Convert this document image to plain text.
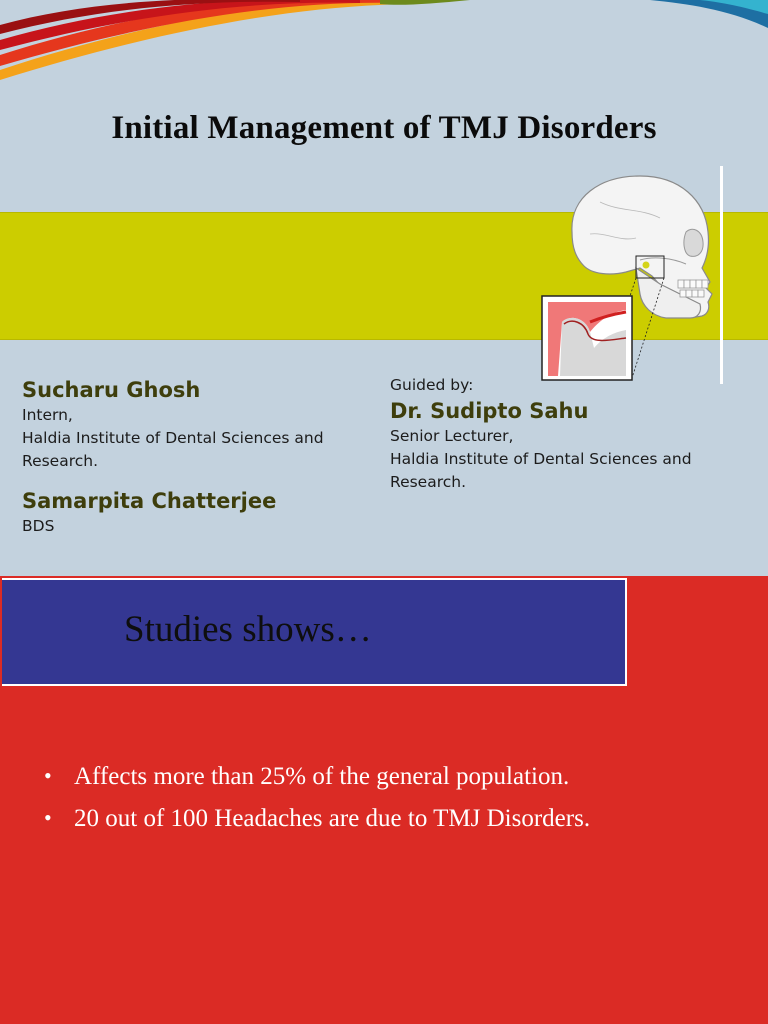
Initial Management of TMJ Disorders
Sucharu Ghosh
Intern,
Haldia Institute of Dental Sciences and
Research.
Samarpita Chatterjee
BDS
Guided by:
Dr. Sudipto Sahu
Senior Lecturer,
Haldia Institute of Dental Sciences and
Research.
Studies shows…
• Affects more than 25% of the general population.
• 20 out of 100 Headaches are due to TMJ Disorders.
